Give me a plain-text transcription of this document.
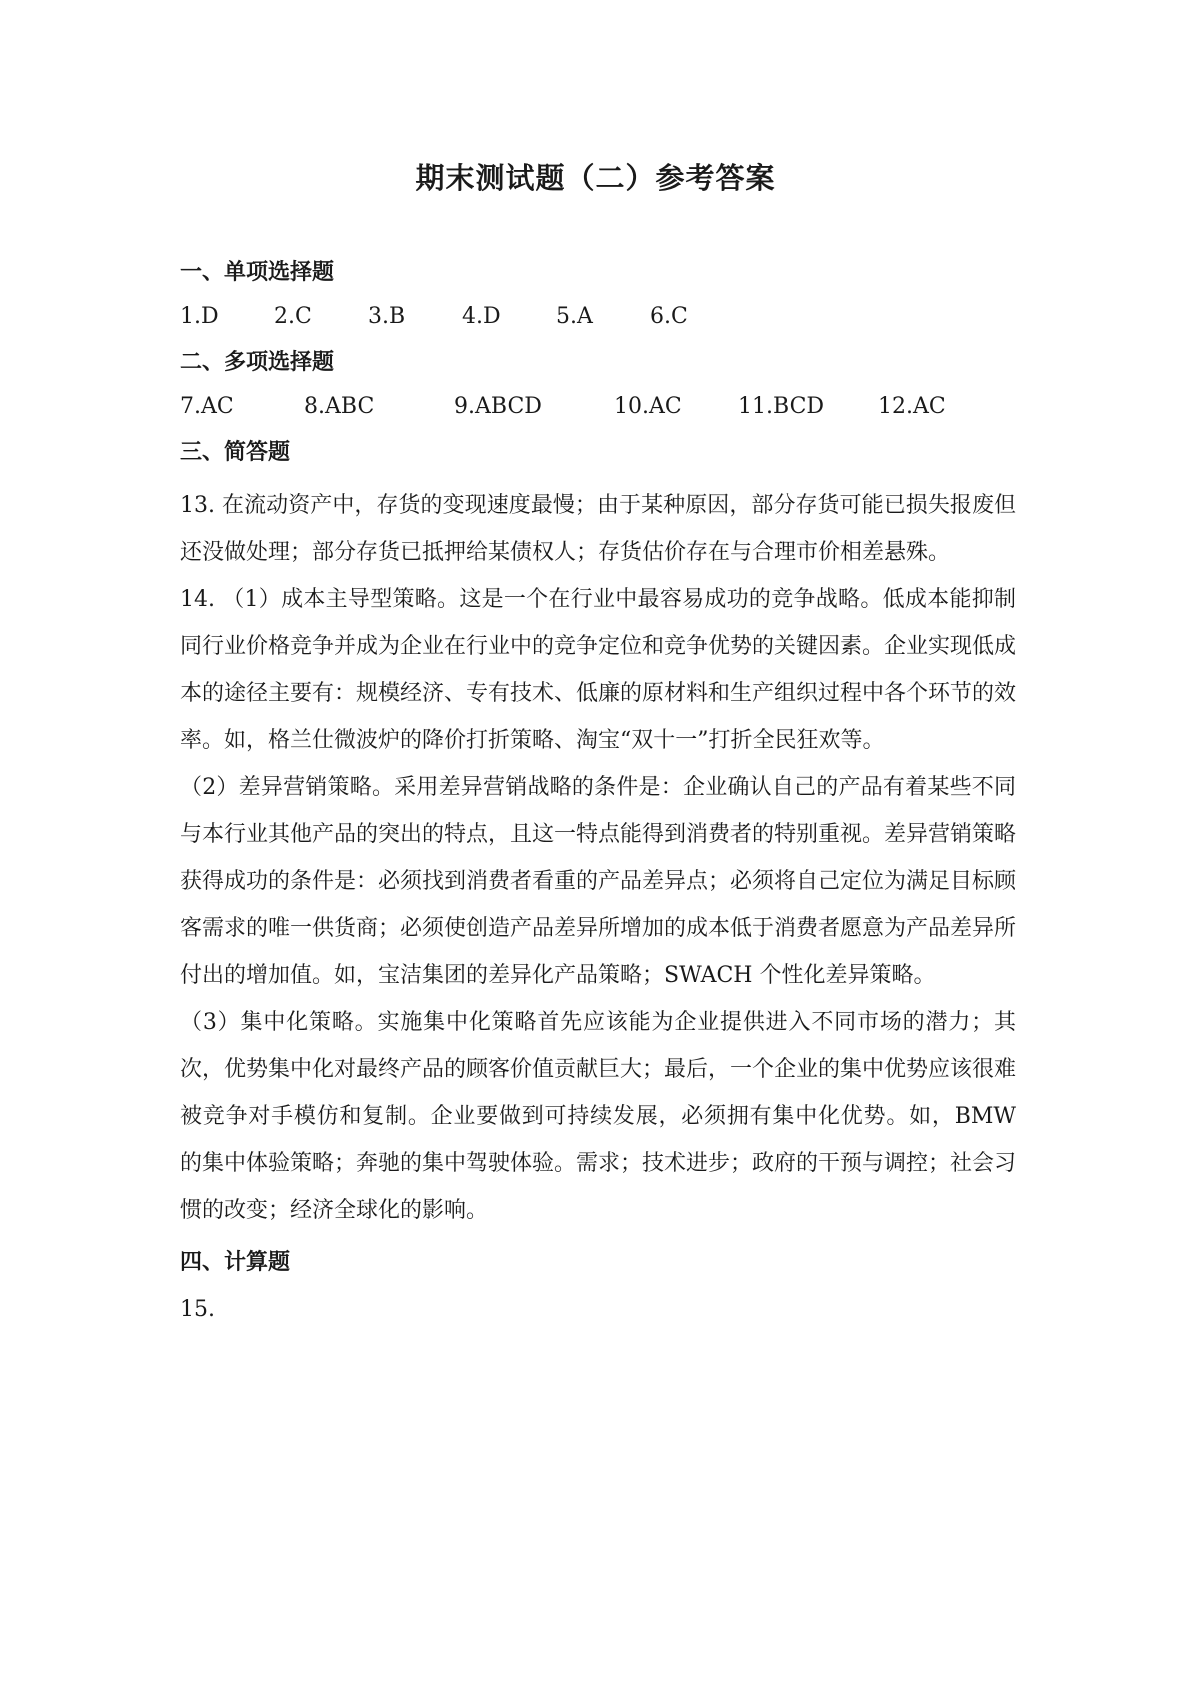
期末测试题（二）参考答案
一、单项选择题
1.D	2.C	3.B	4.D	5.A	6.C
二、多项选择题
7.AC	8.ABC	9.ABCD	10.AC	11.BCD	12.AC
三、简答题

13. 在流动资产中，存货的变现速度最慢；由于某种原因，部分存货可能已损失报废但还没做处理；部分存货已抵押给某债权人；存货估价存在与合理市价相差悬殊。

14. （1）成本主导型策略。这是一个在行业中最容易成功的竞争战略。低成本能抑制同行业价格竞争并成为企业在行业中的竞争定位和竞争优势的关键因素。企业实现低成本的途径主要有：规模经济、专有技术、低廉的原材料和生产组织过程中各个环节的效率。如，格兰仕微波炉的降价打折策略、淘宝“双十一”打折全民狂欢等。

（2）差异营销策略。采用差异营销战略的条件是：企业确认自己的产品有着某些不同与本行业其他产品的突出的特点，且这一特点能得到消费者的特别重视。差异营销策略获得成功的条件是：必须找到消费者看重的产品差异点；必须将自己定位为满足目标顾客需求的唯一供货商；必须使创造产品差异所增加的成本低于消费者愿意为产品差异所付出的增加值。如，宝洁集团的差异化产品策略；SWACH 个性化差异策略。

（3）集中化策略。实施集中化策略首先应该能为企业提供进入不同市场的潜力；其次，优势集中化对最终产品的顾客价值贡献巨大；最后，一个企业的集中优势应该很难被竞争对手模仿和复制。企业要做到可持续发展，必须拥有集中化优势。如，BMW 的集中体验策略；奔驰的集中驾驶体验。需求；技术进步；政府的干预与调控；社会习惯的改变；经济全球化的影响。

四、计算题
15.
